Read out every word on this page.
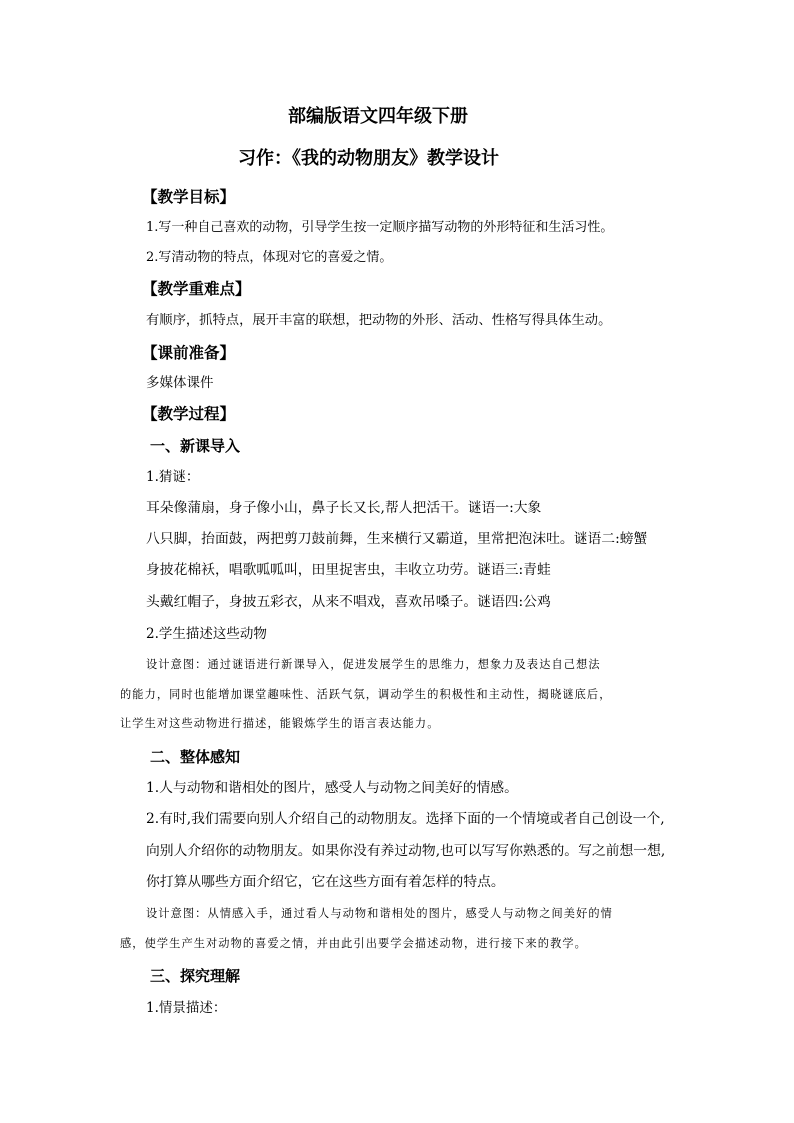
部编版语文四年级下册
习作：《我的动物朋友》教学设计
【教学目标】
1.写一种自己喜欢的动物，引导学生按一定顺序描写动物的外形特征和生活习性。
2.写清动物的特点，体现对它的喜爱之情。
【教学重难点】
有顺序，抓特点，展开丰富的联想，把动物的外形、活动、性格写得具体生动。
【课前准备】
多媒体课件
【教学过程】
一、新课导入
1.猜谜：
耳朵像蒲扇，身子像小山，鼻子长又长,帮人把活干。谜语一:大象
八只脚，抬面鼓，两把剪刀鼓前舞，生来横行又霸道，里常把泡沫吐。谜语二:螃蟹
身披花棉袄，唱歌呱呱叫，田里捉害虫，丰收立功劳。谜语三:青蛙
头戴红帽子，身披五彩衣，从来不唱戏，喜欢吊嗓子。谜语四:公鸡
2.学生描述这些动物
设计意图：通过谜语进行新课导入，促进发展学生的思维力，想象力及表达自己想法
的能力，同时也能增加课堂趣味性、活跃气氛，调动学生的积极性和主动性，揭晓谜底后，
让学生对这些动物进行描述，能锻炼学生的语言表达能力。
二、整体感知
1.人与动物和谐相处的图片，感受人与动物之间美好的情感。
2.有时,我们需要向别人介绍自己的动物朋友。选择下面的一个情境或者自己创设一个,
向别人介绍你的动物朋友。如果你没有养过动物,也可以写写你熟悉的。写之前想一想,
你打算从哪些方面介绍它，它在这些方面有着怎样的特点。
设计意图：从情感入手，通过看人与动物和谐相处的图片，感受人与动物之间美好的情
感，使学生产生对动物的喜爱之情，并由此引出要学会描述动物，进行接下来的教学。
三、探究理解
1.情景描述：
